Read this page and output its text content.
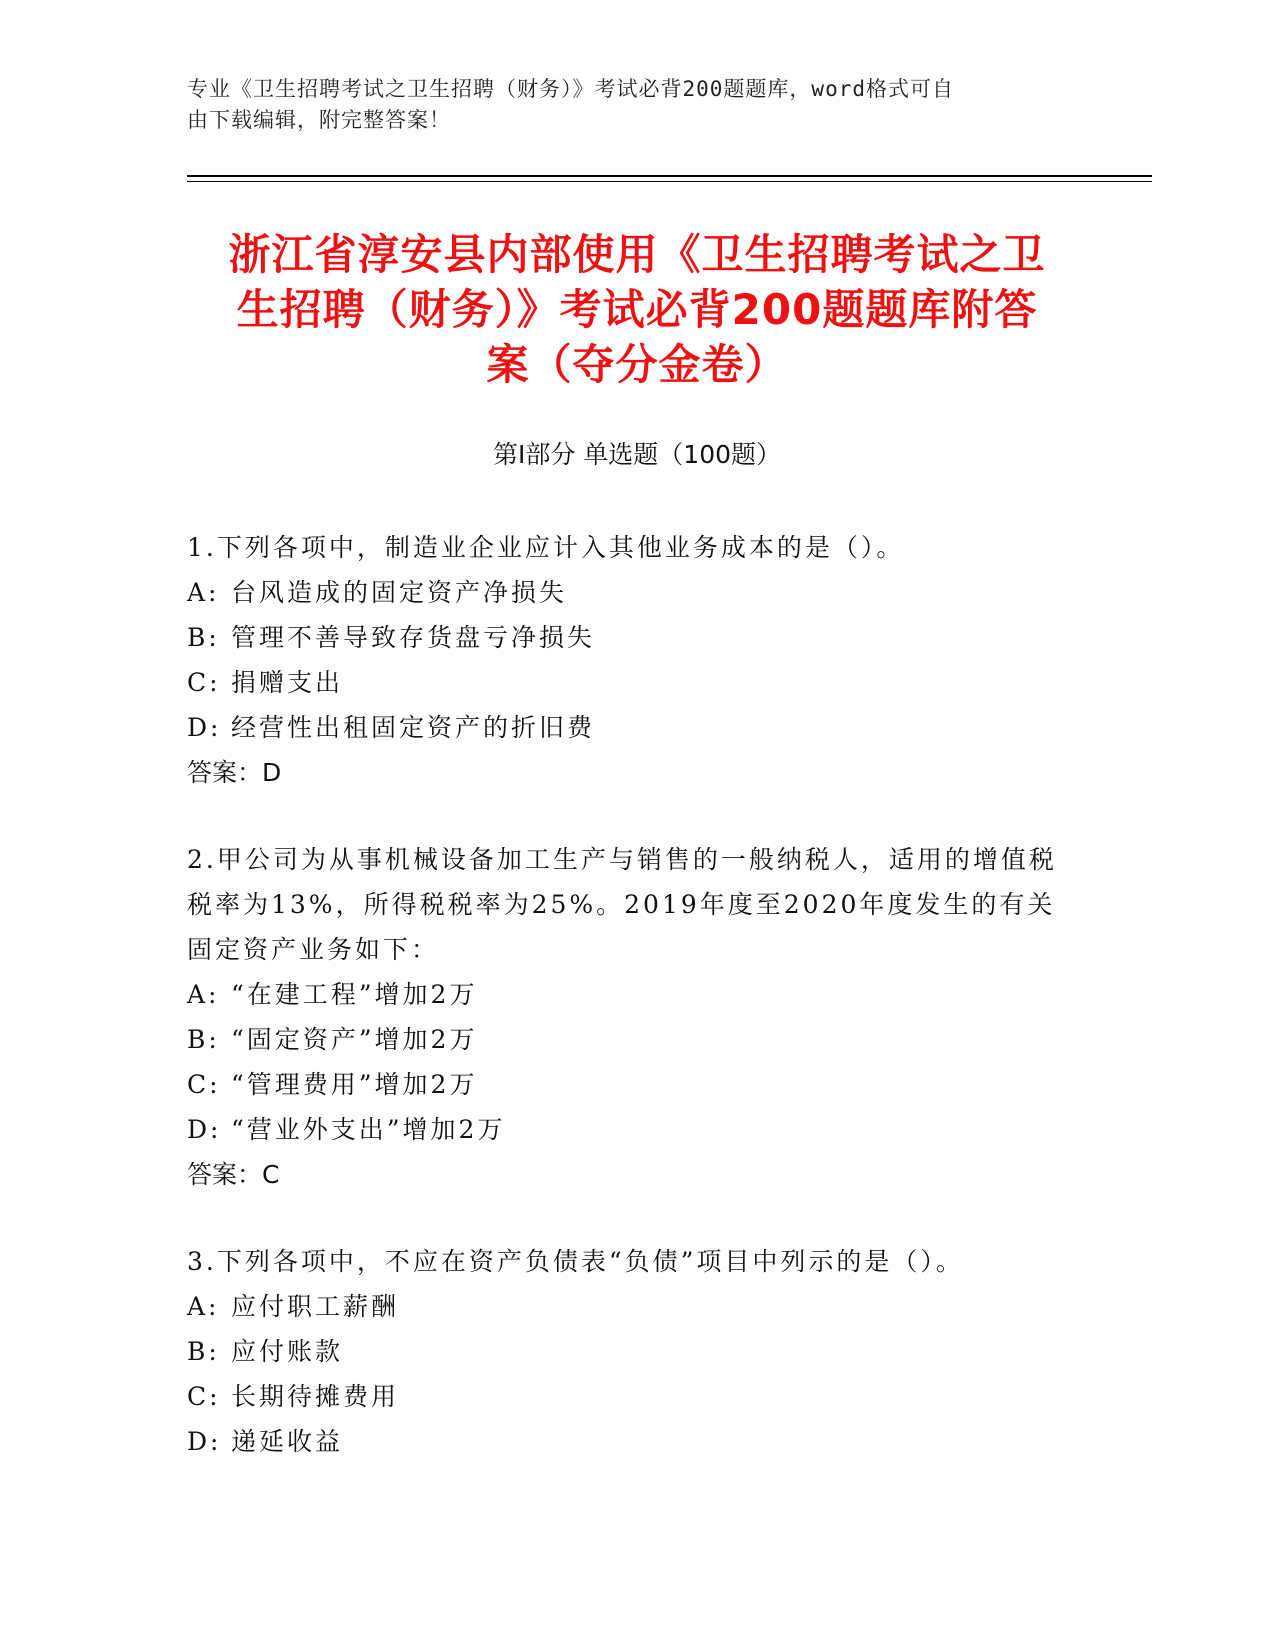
专业《卫生招聘考试之卫生招聘（财务）》考试必背200题题库，word格式可自
由下载编辑，附完整答案！
浙江省淳安县内部使用《卫生招聘考试之卫
生招聘（财务）》考试必背200题题库附答
案（夺分金卷）
第Ⅰ部分 单选题（100题）

1.下列各项中，制造业企业应计入其他业务成本的是（）。

A: 台风造成的固定资产净损失

B: 管理不善导致存货盘亏净损失

C: 捐赠支出

D: 经营性出租固定资产的折旧费

答案：D

2.甲公司为从事机械设备加工生产与销售的一般纳税人，适用的增值税税率为13%，所得税税率为25%。2019年度至2020年度发生的有关固定资产业务如下：

A: “在建工程”增加2万

B: “固定资产”增加2万

C: “管理费用”增加2万

D: “营业外支出”增加2万

答案：C

3.下列各项中，不应在资产负债表“负债”项目中列示的是（）。

A: 应付职工薪酬

B: 应付账款

C: 长期待摊费用

D: 递延收益
